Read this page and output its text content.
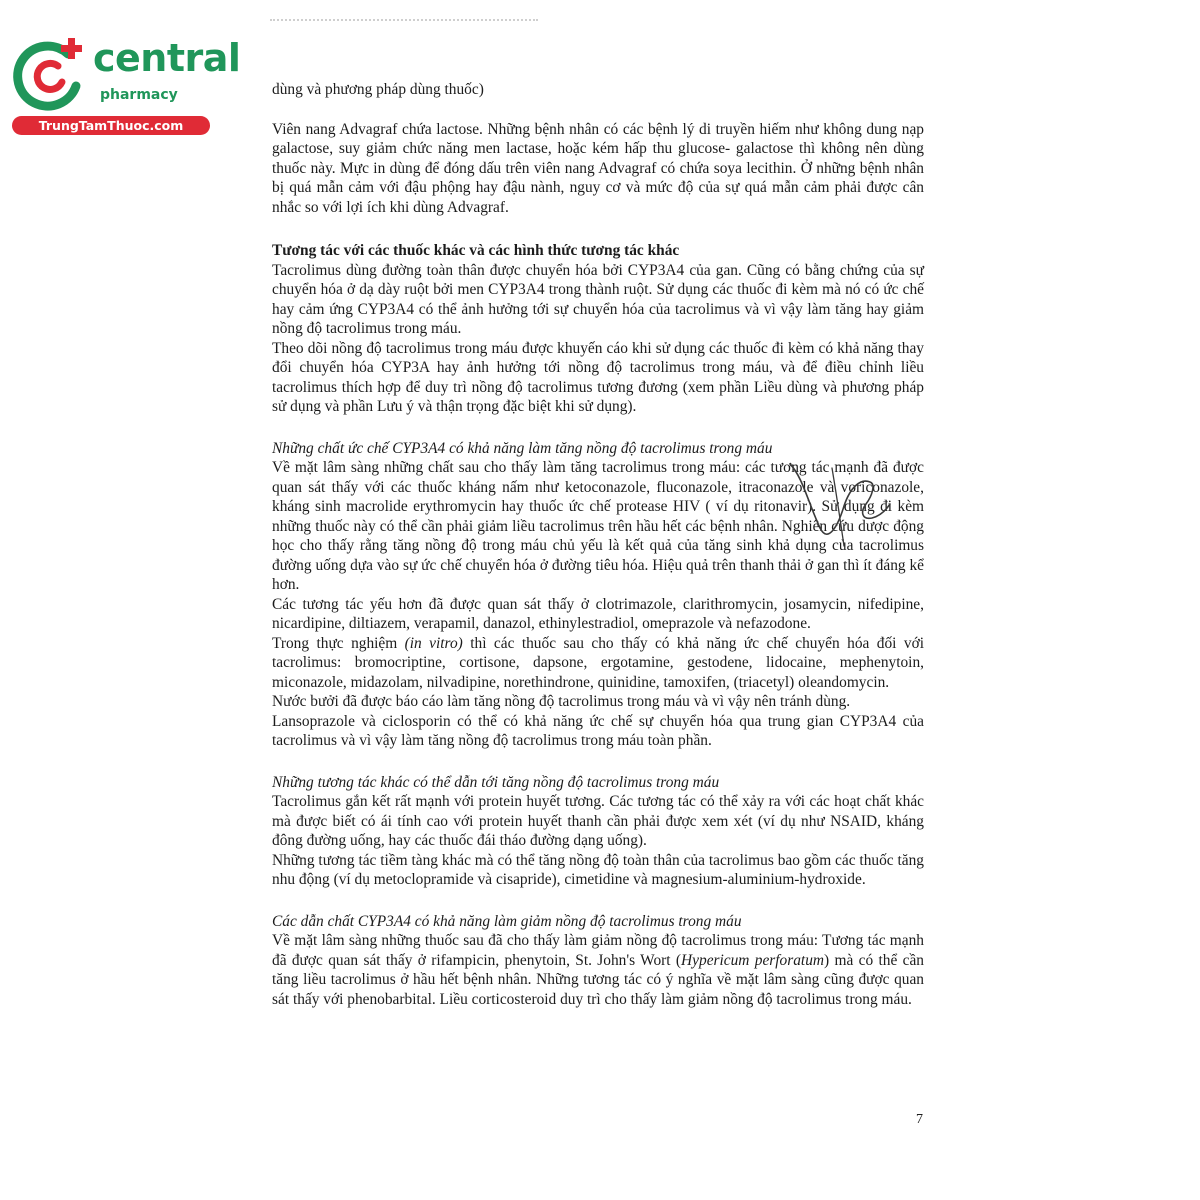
central
pharmacy
TrungTamThuoc.com

dùng và phương pháp dùng thuốc)

Viên nang Advagraf chứa lactose. Những bệnh nhân có các bệnh lý di truyền hiếm như không dung nạp galactose, suy giảm chức năng men lactase, hoặc kém hấp thu glucose- galactose thì không nên dùng thuốc này. Mực in dùng để đóng dấu trên viên nang Advagraf có chứa soya lecithin. Ở những bệnh nhân bị quá mẫn cảm với đậu phộng hay đậu nành, nguy cơ và mức độ của sự quá mẫn cảm phải được cân nhắc so với lợi ích khi dùng Advagraf.

Tương tác với các thuốc khác và các hình thức tương tác khác

Tacrolimus dùng đường toàn thân được chuyển hóa bởi CYP3A4 của gan. Cũng có bằng chứng của sự chuyển hóa ở dạ dày ruột bởi men CYP3A4 trong thành ruột. Sử dụng các thuốc đi kèm mà nó có ức chế hay cảm ứng CYP3A4 có thể ảnh hưởng tới sự chuyển hóa của tacrolimus và vì vậy làm tăng hay giảm nồng độ tacrolimus trong máu.

Theo dõi nồng độ tacrolimus trong máu được khuyến cáo khi sử dụng các thuốc đi kèm có khả năng thay đổi chuyển hóa CYP3A hay ảnh hưởng tới nồng độ tacrolimus trong máu, và để điều chỉnh liều tacrolimus thích hợp để duy trì nồng độ tacrolimus tương đương (xem phần Liều dùng và phương pháp sử dụng và phần Lưu ý và thận trọng đặc biệt khi sử dụng).

Những chất ức chế CYP3A4 có khả năng làm tăng nồng độ tacrolimus trong máu

Về mặt lâm sàng những chất sau cho thấy làm tăng tacrolimus trong máu: các tương tác mạnh đã được quan sát thấy với các thuốc kháng nấm như ketoconazole, fluconazole, itraconazole và voriconazole, kháng sinh macrolide erythromycin hay thuốc ức chế protease HIV ( ví dụ ritonavir). Sử dụng đi kèm những thuốc này có thể cần phải giảm liều tacrolimus trên hầu hết các bệnh nhân. Nghiên cứu dược động học cho thấy rằng tăng nồng độ trong máu chủ yếu là kết quả của tăng sinh khả dụng của tacrolimus đường uống dựa vào sự ức chế chuyển hóa ở đường tiêu hóa. Hiệu quả trên thanh thải ở gan thì ít đáng kể hơn.

Các tương tác yếu hơn đã được quan sát thấy ở clotrimazole, clarithromycin, josamycin, nifedipine, nicardipine, diltiazem, verapamil, danazol, ethinylestradiol, omeprazole và nefazodone.

Trong thực nghiệm (in vitro) thì các thuốc sau cho thấy có khả năng ức chế chuyển hóa đối với tacrolimus: bromocriptine, cortisone, dapsone, ergotamine, gestodene, lidocaine, mephenytoin, miconazole, midazolam, nilvadipine, norethindrone, quinidine, tamoxifen, (triacetyl) oleandomycin.

Nước bưởi đã được báo cáo làm tăng nồng độ tacrolimus trong máu và vì vậy nên tránh dùng.

Lansoprazole và ciclosporin có thể có khả năng ức chế sự chuyển hóa qua trung gian CYP3A4 của tacrolimus và vì vậy làm tăng nồng độ tacrolimus trong máu toàn phần.

Những tương tác khác có thể dẫn tới tăng nồng độ tacrolimus trong máu

Tacrolimus gắn kết rất mạnh với protein huyết tương. Các tương tác có thể xảy ra với các hoạt chất khác mà được biết có ái tính cao với protein huyết thanh cần phải được xem xét (ví dụ như NSAID, kháng đông đường uống, hay các thuốc đái tháo đường dạng uống).

Những tương tác tiềm tàng khác mà có thể tăng nồng độ toàn thân của tacrolimus bao gồm các thuốc tăng nhu động (ví dụ metoclopramide và cisapride), cimetidine và magnesium-aluminium-hydroxide.

Các dẫn chất CYP3A4 có khả năng làm giảm nồng độ tacrolimus trong máu

Về mặt lâm sàng những thuốc sau đã cho thấy làm giảm nồng độ tacrolimus trong máu: Tương tác mạnh đã được quan sát thấy ở rifampicin, phenytoin, St. John's Wort (Hypericum perforatum) mà có thể cần tăng liều tacrolimus ở hầu hết bệnh nhân. Những tương tác có ý nghĩa về mặt lâm sàng cũng được quan sát thấy với phenobarbital. Liều corticosteroid duy trì cho thấy làm giảm nồng độ tacrolimus trong máu.

7
